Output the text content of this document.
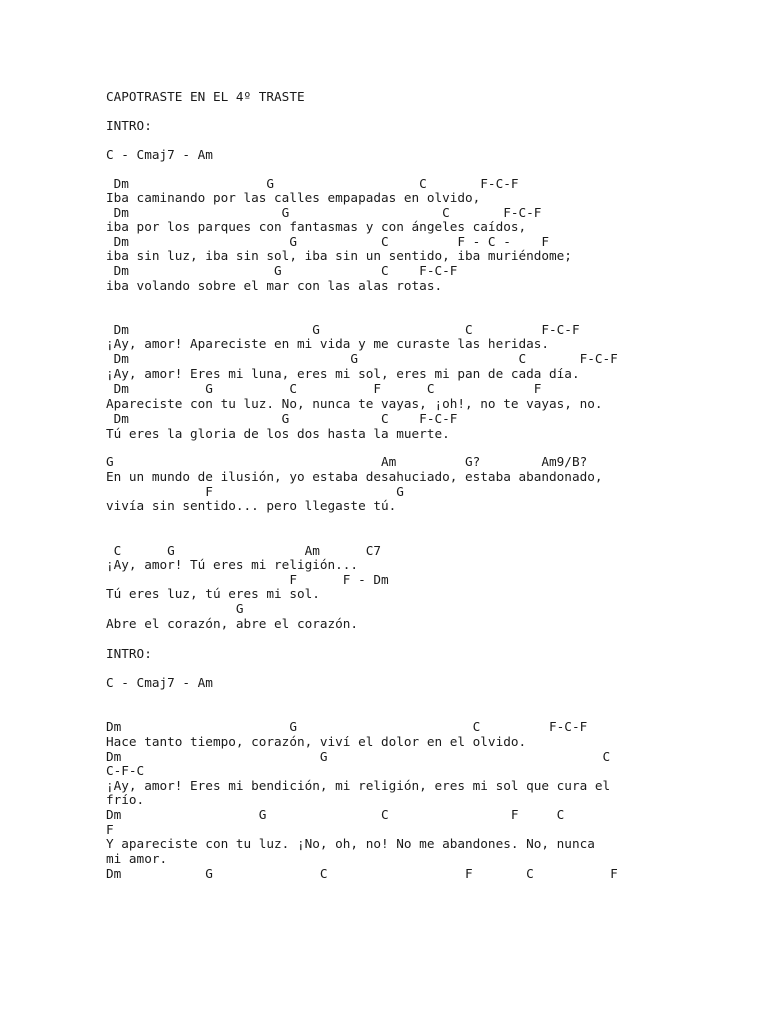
CAPOTRASTE EN EL 4º TRASTE
INTRO:
C - Cmaj7 - Am
Dm                  G                   C       F-C-F
Iba caminando por las calles empapadas en olvido,
Dm                    G                    C       F-C-F
iba por los parques con fantasmas y con ángeles caídos,
Dm                     G           C         F - C -    F
iba sin luz, iba sin sol, iba sin un sentido, iba muriéndome;
Dm                   G             C    F-C-F
iba volando sobre el mar con las alas rotas.
Dm                        G                   C         F-C-F
¡Ay, amor! Apareciste en mi vida y me curaste las heridas.
Dm                             G                     C       F-C-F
¡Ay, amor! Eres mi luna, eres mi sol, eres mi pan de cada día.
Dm          G          C          F      C             F
Apareciste con tu luz. No, nunca te vayas, ¡oh!, no te vayas, no.
Dm                    G            C    F-C-F
Tú eres la gloria de los dos hasta la muerte.
G                                   Am         G?        Am9/B?
En un mundo de ilusión, yo estaba desahuciado, estaba abandonado,
F                        G
vivía sin sentido... pero llegaste tú.
C      G                 Am      C7
¡Ay, amor! Tú eres mi religión...
F      F - Dm
Tú eres luz, tú eres mi sol.
G
Abre el corazón, abre el corazón.
INTRO:
C - Cmaj7 - Am
Dm                      G                       C         F-C-F
Hace tanto tiempo, corazón, viví el dolor en el olvido.
Dm                          G                                    C
C-F-C
¡Ay, amor! Eres mi bendición, mi religión, eres mi sol que cura el
frío.
Dm                  G               C                F     C
F
Y apareciste con tu luz. ¡No, oh, no! No me abandones. No, nunca
mi amor.
Dm           G              C                  F       C          F
